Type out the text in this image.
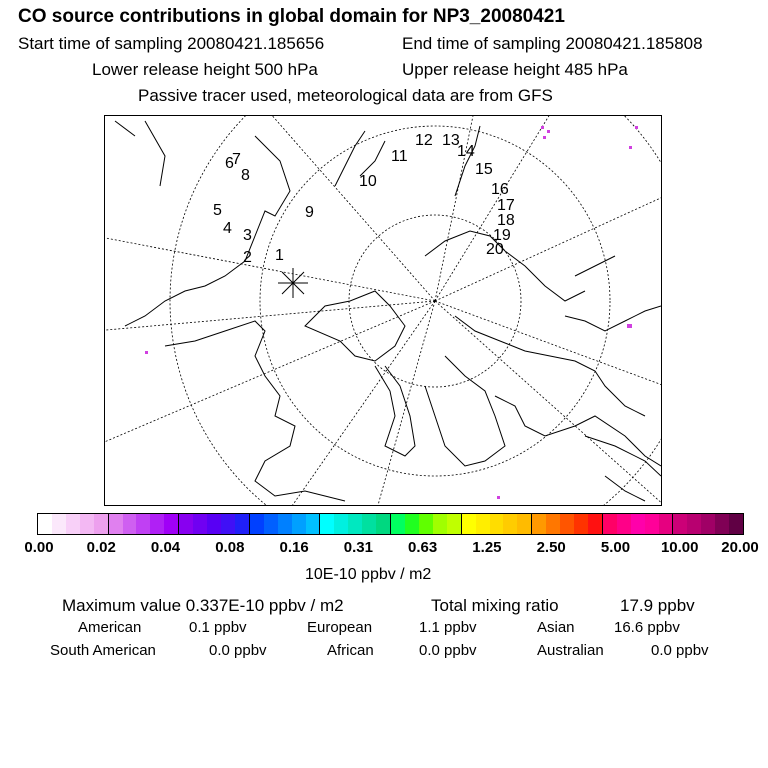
CO source contributions in global domain for NP3_20080421
Start time of sampling 20080421.185656	End time of sampling 20080421.185808
Lower release height 500 hPa	Upper release height 485 hPa
Passive tracer used, meteorological data are from GFS
1
2
3
4
5
6
7
8
9
10
11
12 13
14
15
16
17
18
19
20
0.00 0.02 0.04 0.08 0.16 0.31 0.63 1.25 2.50 5.00 10.00 20.00
10E-10 ppbv / m2
Maximum value 0.337E-10 ppbv / m2	Total mixing ratio	17.9 ppbv
American	0.1 ppbv	European	1.1 ppbv	Asian	16.6 ppbv
South American	0.0 ppbv	African	0.0 ppbv	Australian	0.0 ppbv
